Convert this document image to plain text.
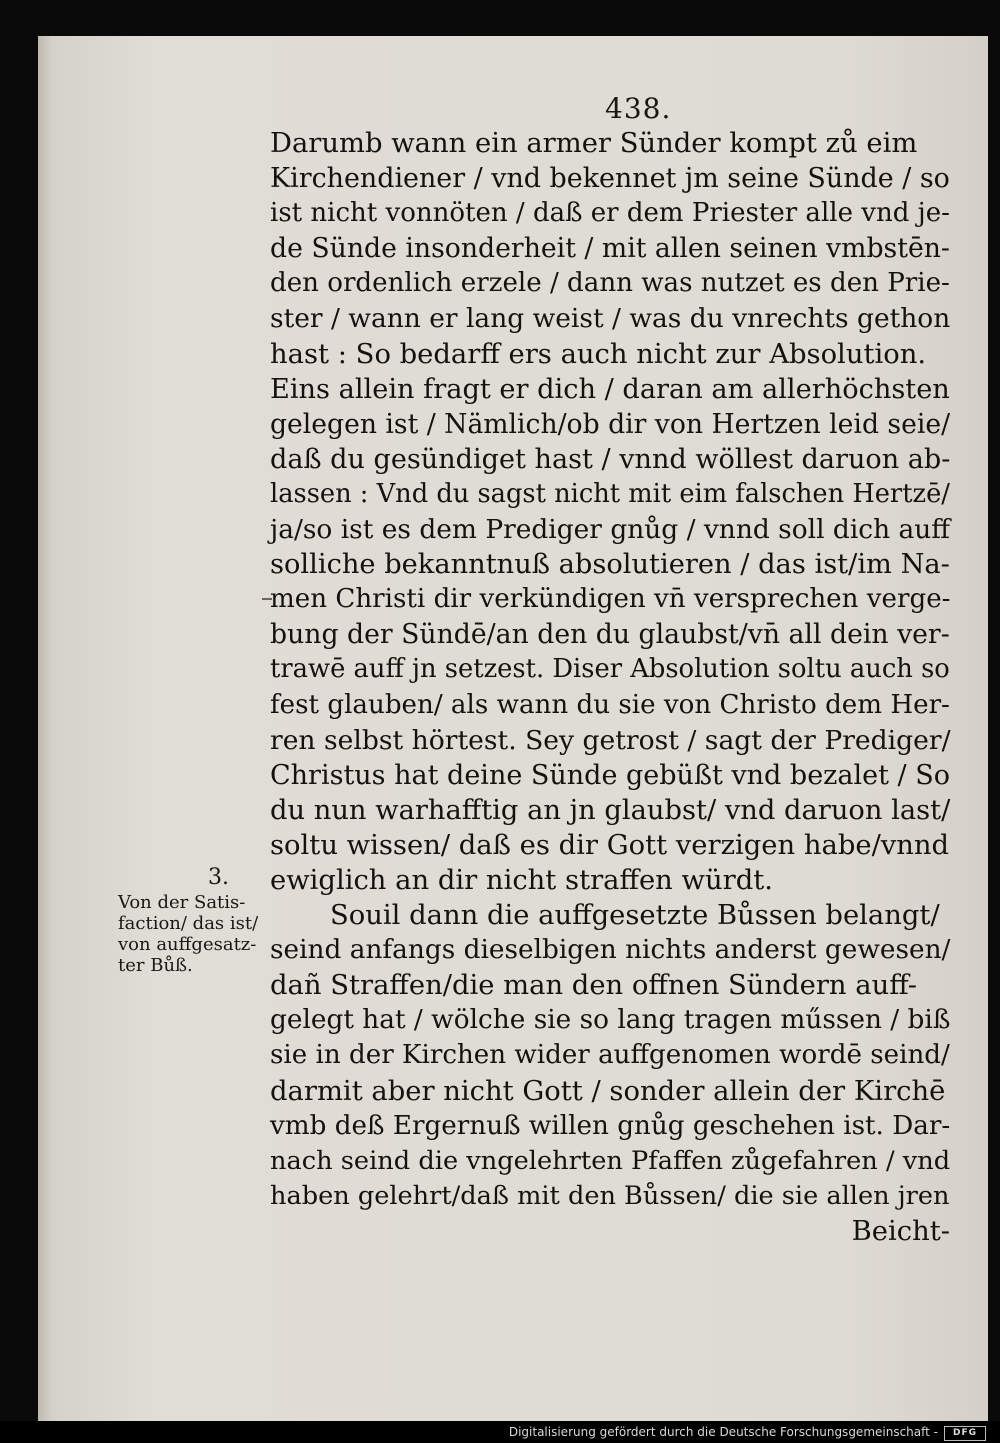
438.
Darumb wann ein armer Sünder kompt zů eim
Kirchendiener / vnd bekennet jm seine Sünde / so
ist nicht vonnöten / daß er dem Priester alle vnd je-
de Sünde insonderheit / mit allen seinen vmbstēn-
den ordenlich erzele / dann was nutzet es den Prie-
ster / wann er lang weist / was du vnrechts gethon
hast : So bedarff ers auch nicht zur Absolution.
Eins allein fragt er dich / daran am allerhöchsten
gelegen ist / Nämlich/ob dir von Hertzen leid seie/
daß du gesündiget hast / vnnd wöllest daruon ab-
lassen : Vnd du sagst nicht mit eim falschen Hertzē/
ja/so ist es dem Prediger gnůg / vnnd soll dich auff
solliche bekanntnuß absolutieren / das ist/im Na-
men Christi dir verkündigen vn̄ versprechen verge-
bung der Sündē/an den du glaubst/vn̄ all dein ver-
trawē auff jn setzest. Diser Absolution soltu auch so
fest glauben/ als wann du sie von Christo dem Her-
ren selbst hörtest. Sey getrost / sagt der Prediger/
Christus hat deine Sünde gebüßt vnd bezalet / So
du nun warhafftig an jn glaubst/ vnd daruon last/
soltu wissen/ daß es dir Gott verzigen habe/vnnd
ewiglich an dir nicht straffen würdt.
Souil dann die auffgesetzte Bůssen belangt/
seind anfangs dieselbigen nichts anderst gewesen/
dañ Straffen/die man den offnen Sündern auff-
gelegt hat / wölche sie so lang tragen műssen / biß
sie in der Kirchen wider auffgenomen wordē seind/
darmit aber nicht Gott / sonder allein der Kirchē
vmb deß Ergernuß willen gnůg geschehen ist. Dar-
nach seind die vngelehrten Pfaffen zůgefahren / vnd
haben gelehrt/daß mit den Bůssen/ die sie allen jren
Beicht-
3.
Von der Satis-
faction/ das ist/
von auffgesatz-
ter Bůß.
Digitalisierung gefördert durch die Deutsche Forschungsgemeinschaft -	DFG
